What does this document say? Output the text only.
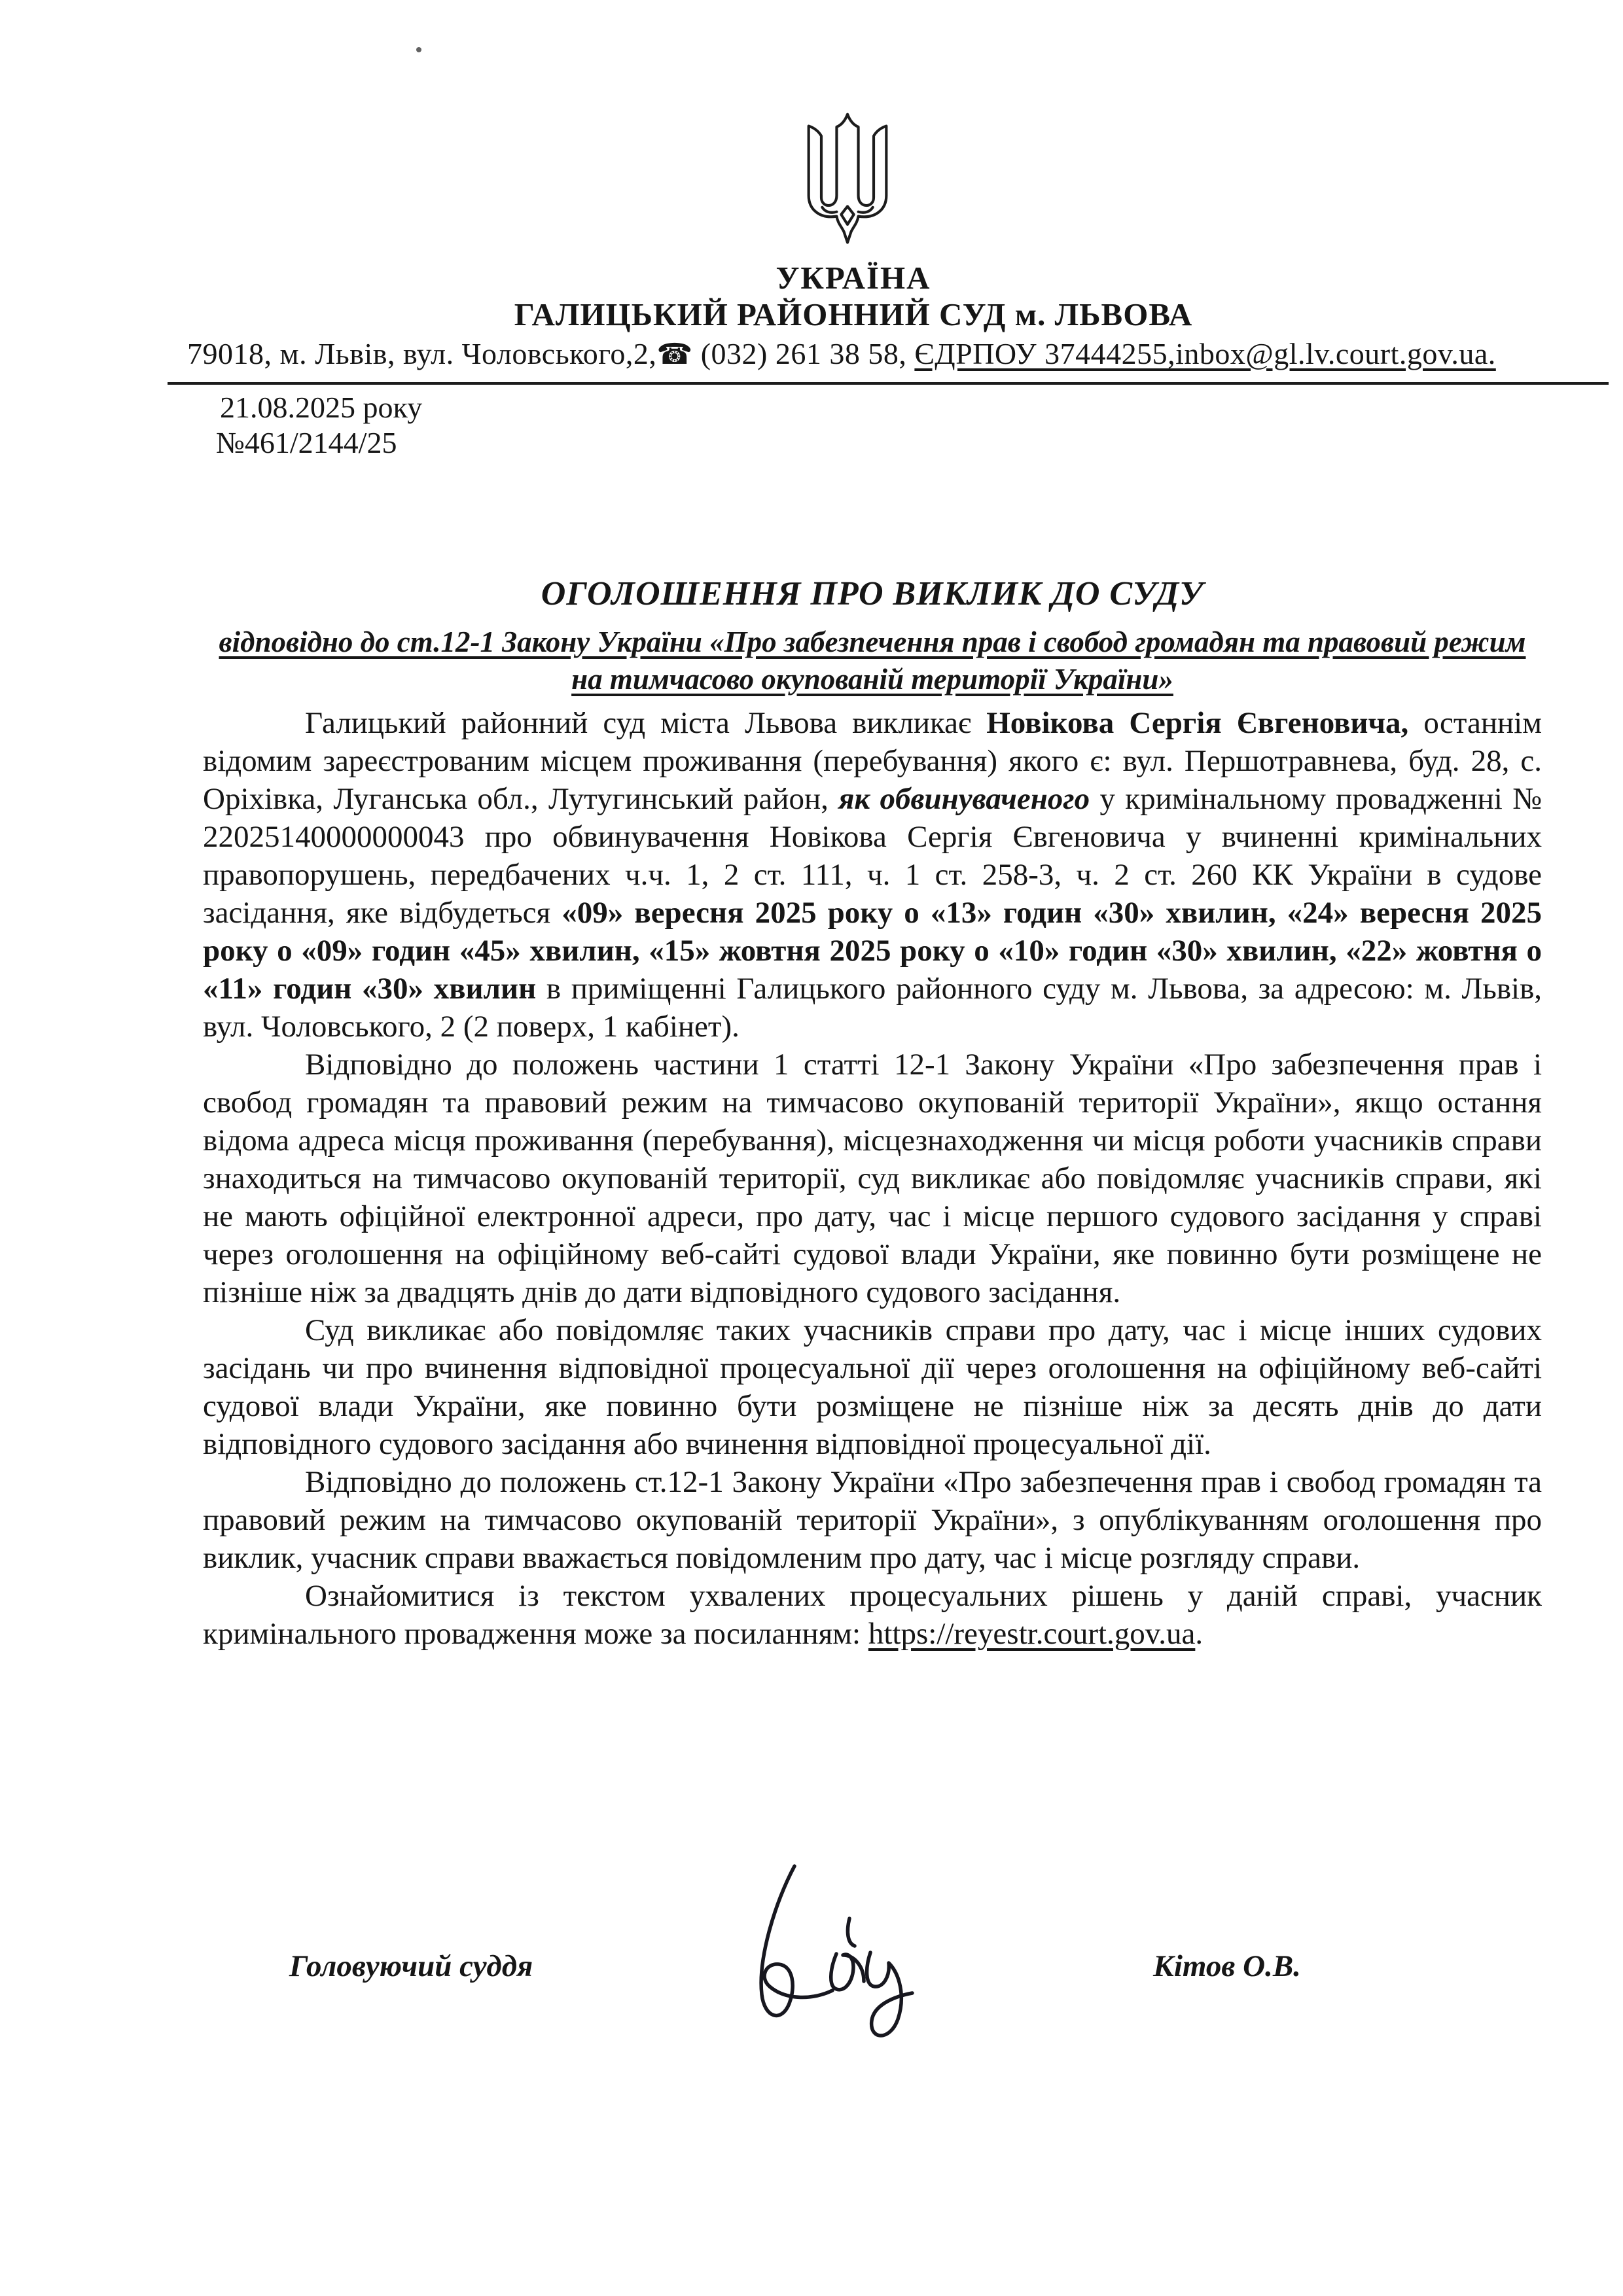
УКРАЇНА
ГАЛИЦЬКИЙ РАЙОННИЙ СУД м. ЛЬВОВА
79018, м. Львів, вул. Чоловського,2,☎ (032) 261 38 58, ЄДРПОУ 37444255,inbox@gl.lv.court.gov.ua.
21.08.2025 року
№461/2144/25
ОГОЛОШЕННЯ ПРО ВИКЛИК ДО СУДУ
відповідно до ст.12-1 Закону України «Про забезпечення прав і свобод громадян та правовий режим
на тимчасово окупованій території України»

Галицький районний суд міста Львова викликає Новікова Сергія Євгеновича, останнім відомим зареєстрованим місцем проживання (перебування) якого є: вул. Першотравнева, буд. 28, с. Оріхівка, Луганська обл., Лутугинський район, як обвинуваченого у кримінальному провадженні № 22025140000000043 про обвинувачення Новікова Сергія Євгеновича у вчиненні кримінальних правопорушень, передбачених ч.ч. 1, 2 ст. 111, ч. 1 ст. 258-3, ч. 2 ст. 260 КК України в судове засідання, яке відбудеться «09» вересня 2025 року о «13» годин «30» хвилин, «24» вересня 2025 року о «09» годин «45» хвилин, «15» жовтня 2025 року о «10» годин «30» хвилин, «22» жовтня о «11» годин «30» хвилин в приміщенні Галицького районного суду м. Львова, за адресою: м. Львів, вул. Чоловського, 2 (2 поверх, 1 кабінет).

Відповідно до положень частини 1 статті 12-1 Закону України «Про забезпечення прав і свобод громадян та правовий режим на тимчасово окупованій території України», якщо остання відома адреса місця проживання (перебування), місцезнаходження чи місця роботи учасників справи знаходиться на тимчасово окупованій території, суд викликає або повідомляє учасників справи, які не мають офіційної електронної адреси, про дату, час і місце першого судового засідання у справі через оголошення на офіційному веб-сайті судової влади України, яке повинно бути розміщене не пізніше ніж за двадцять днів до дати відповідного судового засідання.

Суд викликає або повідомляє таких учасників справи про дату, час і місце інших судових засідань чи про вчинення відповідної процесуальної дії через оголошення на офіційному веб-сайті судової влади України, яке повинно бути розміщене не пізніше ніж за десять днів до дати відповідного судового засідання або вчинення відповідної процесуальної дії.

Відповідно до положень ст.12-1 Закону України «Про забезпечення прав і свобод громадян та правовий режим на тимчасово окупованій території України», з опублікуванням оголошення про виклик, учасник справи вважається повідомленим про дату, час і місце розгляду справи.

Ознайомитися із текстом ухвалених процесуальних рішень у даній справі, учасник кримінального провадження може за посиланням: https://reyestr.court.gov.ua.

Головуючий суддя	Кітов О.В.
